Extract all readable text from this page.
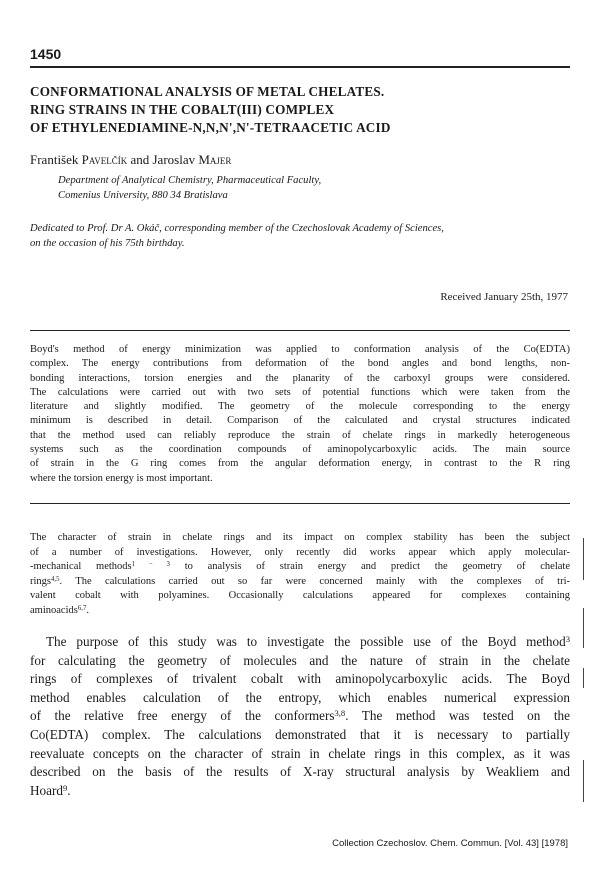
1450
CONFORMATIONAL ANALYSIS OF METAL CHELATES.
RING STRAINS IN THE COBALT(III) COMPLEX
OF ETHYLENEDIAMINE-N,N,N',N'-TETRAACETIC ACID
František Pavelčík and Jaroslav Majer
Department of Analytical Chemistry, Pharmaceutical Faculty,
Comenius University, 880 34 Bratislava
Dedicated to Prof. Dr A. Okáč, corresponding member of the Czechoslovak Academy of Sciences,
on the occasion of his 75th birthday.
Received January 25th, 1977
Boyd's method of energy minimization was applied to conformation analysis of the Co(EDTA)
complex. The energy contributions from deformation of the bond angles and bond lengths, non-
bonding interactions, torsion energies and the planarity of the carboxyl groups were considered.
The calculations were carried out with two sets of potential functions which were taken from the
literature and slightly modified. The geometry of the molecule corresponding to the energy
minimum is described in detail. Comparison of the calculated and crystal structures indicated
that the method used can reliably reproduce the strain of chelate rings in markedly heterogeneous
systems such as the coordination compounds of aminopolycarboxylic acids. The main source
of strain in the G ring comes from the angular deformation energy, in contrast to the R ring
where the torsion energy is most important.
The character of strain in chelate rings and its impact on complex stability has been the subject
of a number of investigations. However, only recently did works appear which apply molecular-
-mechanical methods$^{1 - 3}$ to analysis of strain energy and predict the geometry of chelate
rings$^{4,5}$. The calculations carried out so far were concerned mainly with the complexes of tri-
valent cobalt with polyamines. Occasionally calculations appeared for complexes containing
aminoacids$^{6,7}$.
The purpose of this study was to investigate the possible use of the Boyd method$^3$
for calculating the geometry of molecules and the nature of strain in the chelate
rings of complexes of trivalent cobalt with aminopolycarboxylic acids. The Boyd
method enables calculation of the entropy, which enables numerical expression
of the relative free energy of the conformers$^{3,8}$. The method was tested on the
Co(EDTA) complex. The calculations demonstrated that it is necessary to partially
reevaluate concepts on the character of strain in chelate rings in this complex, as it was
described on the basis of the results of X-ray structural analysis by Weakliem and
Hoard$^9$.
Collection Czechoslov. Chem. Commun. [Vol. 43] [1978]
